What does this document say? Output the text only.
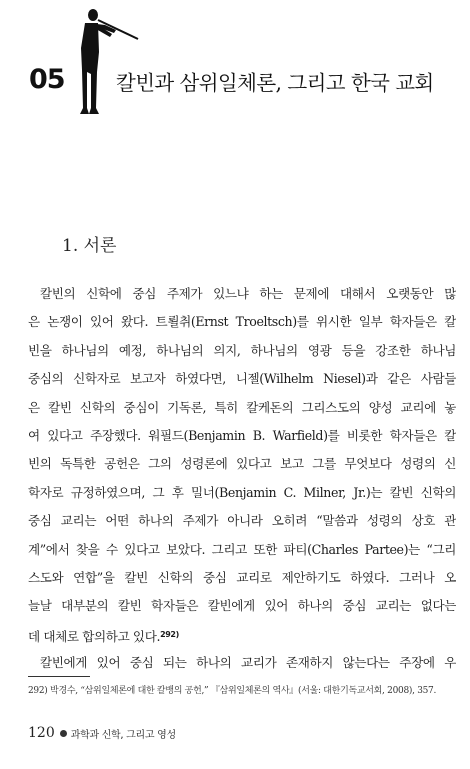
05	칼빈과 삼위일체론, 그리고 한국 교회
1. 서론
칼빈의 신학에 중심 주제가 있느냐 하는 문제에 대해서 오랫동안 많
은 논쟁이 있어 왔다. 트뢸취(Ernst Troeltsch)를 위시한 일부 학자들은 칼
빈을 하나님의 예정, 하나님의 의지, 하나님의 영광 등을 강조한 하나님
중심의 신학자로 보고자 하였다면, 니젤(Wilhelm Niesel)과 같은 사람들
은 칼빈 신학의 중심이 기독론, 특히 칼케돈의 그리스도의 양성 교리에 놓
여 있다고 주장했다. 워필드(Benjamin B. Warfield)를 비롯한 학자들은 칼
빈의 독특한 공헌은 그의 성령론에 있다고 보고 그를 무엇보다 성령의 신
학자로 규정하였으며, 그 후 밀너(Benjamin C. Milner, Jr.)는 칼빈 신학의
중심 교리는 어떤 하나의 주제가 아니라 오히려 “말씀과 성령의 상호 관
계”에서 찾을 수 있다고 보았다. 그리고 또한 파티(Charles Partee)는 “그리
스도와 연합”을 칼빈 신학의 중심 교리로 제안하기도 하였다. 그러나 오
늘날 대부분의 칼빈 학자들은 칼빈에게 있어 하나의 중심 교리는 없다는
데 대체로 합의하고 있다.$^{292)}$
칼빈에게 있어 중심 되는 하나의 교리가 존재하지 않는다는 주장에 우
292) 박경수, “삼위일체론에 대한 칼뱅의 공헌,” 『삼위일체론의 역사』(서울: 대한기독교서회, 2008), 357.
120 과학과 신학, 그리고 영성
